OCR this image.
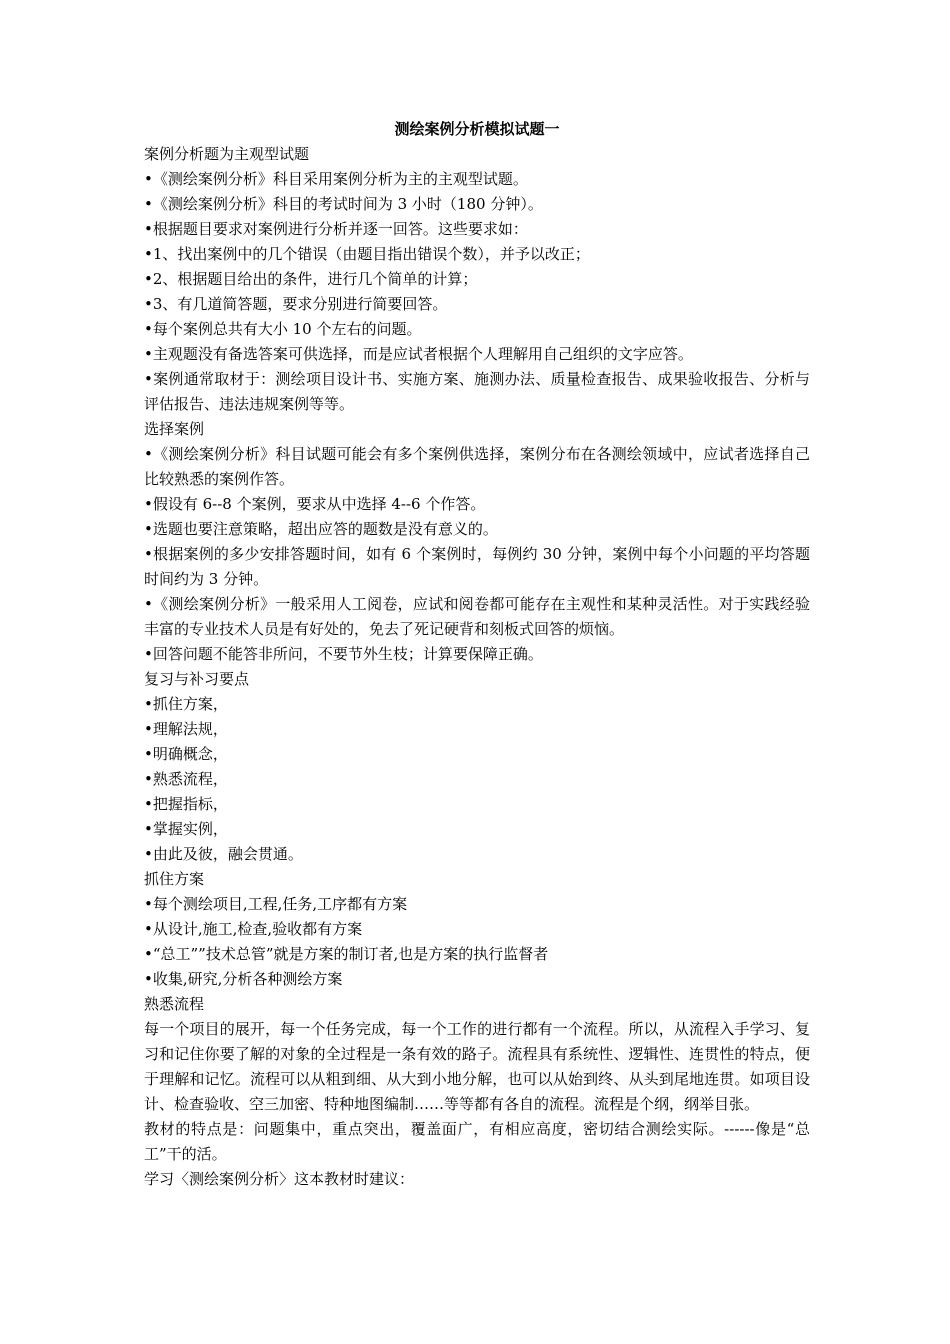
测绘案例分析模拟试题一

案例分析题为主观型试题

•《测绘案例分析》科目采用案例分析为主的主观型试题。

•《测绘案例分析》科目的考试时间为 3 小时（180 分钟）。

•根据题目要求对案例进行分析并逐一回答。这些要求如：

•1、找出案例中的几个错误（由题目指出错误个数），并予以改正；

•2、根据题目给出的条件，进行几个简单的计算；

•3、有几道简答题，要求分别进行简要回答。

•每个案例总共有大小 10 个左右的问题。

•主观题没有备选答案可供选择，而是应试者根据个人理解用自己组织的文字应答。

•案例通常取材于：测绘项目设计书、实施方案、施测办法、质量检查报告、成果验收报告、分析与评估报告、违法违规案例等等。

选择案例

•《测绘案例分析》科目试题可能会有多个案例供选择，案例分布在各测绘领域中，应试者选择自己比较熟悉的案例作答。

•假设有 6--8 个案例，要求从中选择 4--6 个作答。

•选题也要注意策略，超出应答的题数是没有意义的。

•根据案例的多少安排答题时间，如有 6 个案例时，每例约 30 分钟，案例中每个小问题的平均答题时间约为 3 分钟。

•《测绘案例分析》一般采用人工阅卷，应试和阅卷都可能存在主观性和某种灵活性。对于实践经验丰富的专业技术人员是有好处的，免去了死记硬背和刻板式回答的烦恼。

•回答问题不能答非所问，不要节外生枝；计算要保障正确。

复习与补习要点

•抓住方案，

•理解法规，

•明确概念，

•熟悉流程，

•把握指标，

•掌握实例，

•由此及彼，融会贯通。

抓住方案

•每个测绘项目,工程,任务,工序都有方案

•从设计,施工,检查,验收都有方案

•“总工””技术总管”就是方案的制订者,也是方案的执行监督者

•收集,研究,分析各种测绘方案

熟悉流程

每一个项目的展开，每一个任务完成，每一个工作的进行都有一个流程。所以，从流程入手学习、复习和记住你要了解的对象的全过程是一条有效的路子。流程具有系统性、逻辑性、连贯性的特点，便于理解和记忆。流程可以从粗到细、从大到小地分解，也可以从始到终、从头到尾地连贯。如项目设计、检查验收、空三加密、特种地图编制……等等都有各自的流程。流程是个纲，纲举目张。

教材的特点是：问题集中，重点突出，覆盖面广，有相应高度，密切结合测绘实际。------像是“总工”干的活。

学习〈测绘案例分析〉这本教材时建议：
